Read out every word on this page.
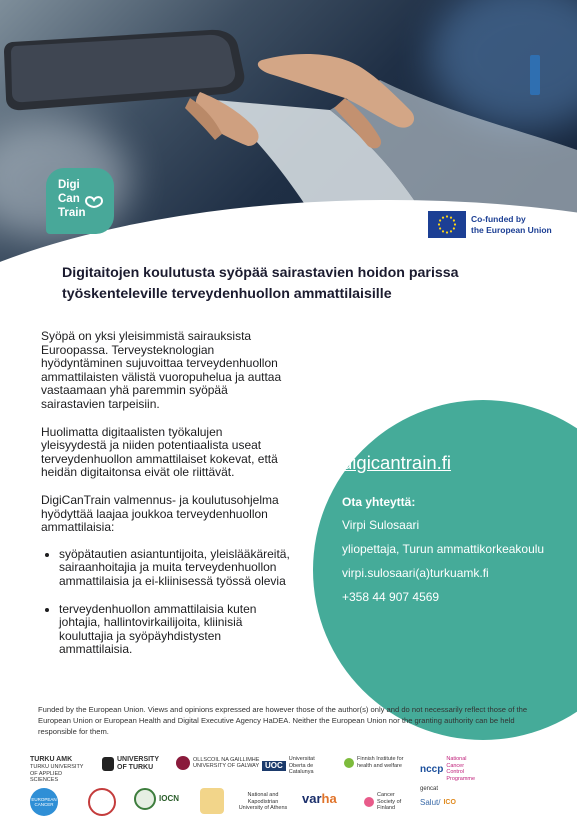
Digi
Can
Train	Co-funded by
the European Union
Digitaitojen koulutusta syöpää sairastavien hoidon parissa
työskenteleville terveydenhuollon ammattilaisille

Syöpä on yksi yleisimmistä sairauksista Euroopassa. Terveysteknologian hyödyntäminen sujuvoittaa terveydenhuollon ammattilaisten välistä vuoropuhelua ja auttaa vastaamaan yhä paremmin syöpää sairastavien tarpeisiin.

Huolimatta digitaalisten työkalujen yleisyydestä ja niiden potentiaalista useat terveydenhuollon ammattilaiset kokevat, että heidän digitaitonsa eivät ole riittävät.

DigiCanTrain valmennus- ja koulutusohjelma hyödyttää laajaa joukkoa terveydenhuollon ammattilaisia:

syöpätautien asiantuntijoita, yleislääkäreitä, sairaanhoitajia ja muita terveydenhuollon ammattilaisia ja ei-kliinisessä työssä olevia
terveydenhuollon ammattilaisia kuten johtajia, hallintovirkailijoita, kliinisiä kouluttajia ja syöpäyhdistysten ammattilaisia.
digicantrain.fi
Ota yhteyttä:
Virpi Sulosaari
yliopettaja, Turun ammattikorkeakoulu
virpi.sulosaari(a)turkuamk.fi
+358 44 907 4569

Funded by the European Union. Views and opinions expressed are however those of the author(s) only and do not necessarily reflect those of the European Union or European Health and Digital Executive Agency HaDEA. Neither the European Union nor the granting authority can be held responsible for them.

TURKU AMK
TURKU UNIVERSITY OF APPLIED SCIENCES
UNIVERSITY
OF TURKU
OLLSCOIL NA GAILLIMHE
UNIVERSITY OF GALWAY UOC
Universitat Oberta de Catalunya
Finnish Institute for
health and welfare nccp
National Cancer Control Programme
EUROPEAN CANCER
IOCN	National and Kapodistrian University of Athens
var ha	Cancer Society of Finland
gencat
Salut/ ICO
